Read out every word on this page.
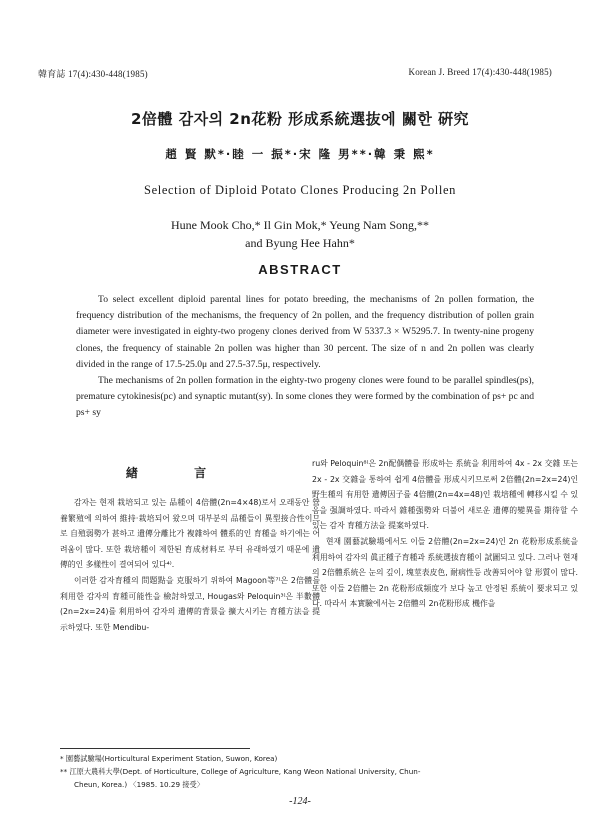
韓育誌 17(4):430-448(1985)	Korean J. Breed 17(4):430-448(1985)
2倍體 감자의 2n花粉 形成系統選抜에 關한 硏究
趙 賢 默*·睦 一 振*·宋 隆 男**·韓 秉 熙*
Selection of Diploid Potato Clones Producing 2n Pollen
Hune Mook Cho,* Il Gin Mok,* Yeung Nam Song,**
and Byung Hee Hahn*
ABSTRACT

To select excellent diploid parental lines for potato breeding, the mechanisms of 2n pollen formation, the frequency distribution of the mechanisms, the frequency of 2n pollen, and the frequency distribution of pollen grain diameter were investigated in eighty-two progeny clones derived from W 5337.3 × W5295.7. In twenty-nine progeny clones, the frequency of stainable 2n pollen was higher than 30 percent. The size of n and 2n pollen was clearly divided in the range of 17.5-25.0μ and 27.5-37.5μ, respectively.

The mechanisms of 2n pollen formation in the eighty-two progeny clones were found to be parallel spindles(ps), premature cytokinesis(pc) and synaptic mutant(sy). In some clones they were formed by the combination of ps+ pc and ps+ sy

緖 言

감자는 현재 栽培되고 있는 品種이 4倍體(2n=4×48)로서 오래동안 營養繁殖에 의하여 維持·栽培되어 왔으며 대부분의 品種들이 異型接合性이므로 自殖弱勢가 甚하고 遺傳分離比가 複雜하여 體系的인 育種을 하기에는 어려움이 많다. 또한 栽培種이 제한된 育成材料로 부터 유래하였기 때문에 遺傳的인 多樣性이 결여되어 있다⁴⁾.

이러한 감자育種의 問題點을 克服하기 위하여 Magoon等⁷⁾은 2倍體를 利用한 감자의 育種可能性을 檢討하였고, Hougas와 Peloquin³⁾은 半數體(2n=2x=24)를 利用하여 감자의 遺傳的背景을 擴大시키는 育種方法을 提示하였다. 또한 Mendibu-

ru와 Peloquin⁸⁾은 2n配偶體를 形成하는 系統을 利用하여 4x - 2x 交雜 또는 2x - 2x 交雜을 통하여 쉽게 4倍體를 形成시키므로써 2倍體(2n=2x=24)인 野生種의 有用한 遺傳因子를 4倍體(2n=4x=48)인 栽培種에 轉移시킬 수 있음을 强調하였다. 따라서 雜種强勢와 더불어 새로운 遺傳的變異를 期待할 수 있는 감자 育種方法을 提案하였다.

현재 園藝試驗場에서도 이들 2倍體(2n=2x=24)인 2n 花粉形成系統을 利用하여 감자의 眞正種子育種과 系統選拔育種이 試圖되고 있다. 그러나 현재의 2倍體系統은 눈의 깊이, 塊莖表皮色, 耐病性등 改善되어야 할 形質이 많다. 또한 이들 2倍體는 2n 花粉形成頻度가 보다 높고 안정된 系統이 要求되고 있다. 따라서 本實驗에서는 2倍體의 2n花粉形成 機作을

* 園藝試驗場(Horticultural Experiment Station, Suwon, Korea)
** 江原大農科大學(Dept. of Horticulture, College of Agriculture, Kang Weon National University, Chun-
Cheun, Korea.) 〈1985. 10.29 接受〉
-124-
